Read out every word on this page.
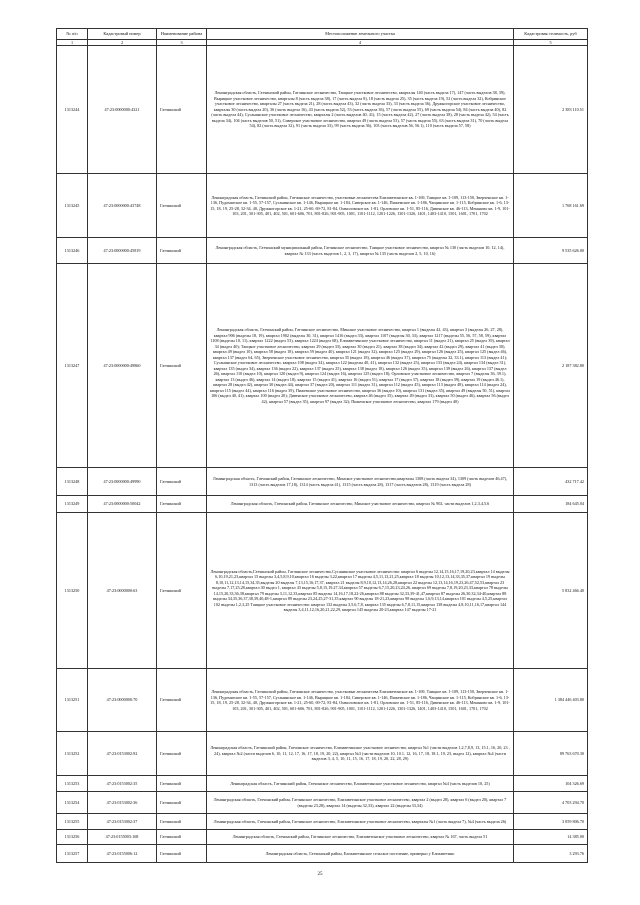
№ п/п	Кадастровый номер	Наименование района	Местоположение земельного участка	Кадастровая стоимость, руб
1	2	3	4	5
1313244	47:23:0000000:4321	Гатчинский	Ленинградская область, Гатчинский район, Гатчинское лесничество, Таицкое участковое лесничество, кварталы 140 (часть выдела 17), 147 (часть выделов 38, 39), Вырицкое участковое лесничество, кварталы 8 (часть выдела 38), 17 (часть выдела 8), 18 (часть выдела 25), 35 (часть выдела 19), 52 (часть выдела 32), Кобринское участковое лесничество, кварталы 27 (часть выдела 21), 28 (часть выдела 43), 32 (часть выдела 33), 33 (часть выдела 36), Дружногорское участковое лесничество, кварталы 30 (часть выдела 20), 36 (часть выдела 16), 43 (часть выдела 52), 53 (часть выдела 36), 57 (часть выдела 55), 69 (часть выдела 54), 84 (часть выдела 40), 82 (часть выдела 44), Сусанинское участковое лесничество, кварталы 2 (часть выделов 40, 41), 15 (часть выдела 42), 27 (часть выдела 38), 28 (часть выдела 42), 54 (часть выдела 34), 104 (часть выделов 50, 51), Сиверское участковое лесничество, квартал 49 (часть выдела 53), 57 (часть выдела 55), 63 (часть выдела 31), 70 (часть выдела 54), 82 (часть выдела 32), 91 (часть выдела 33), 99 (часть выдела 36), 103 (часть выделов 56, 56.1), 110 (часть выдела 57, 58)	2 383 110.51
1313245	47:23:0000000:43748	Гатчинский	Ленинградская область, Гатчинский район, Гатчинское лесничество, участковые лесничества Елизаветинское кв. 1-169, Таицкое кв. 1-109, 113-150, Зверченское кв. 1-136, Пудомягское кв. 1-55, 57-157, Сусанинское кв. 1-146, Вырицкое кв. 1-184, Сиверское кв. 1-146, Пижемское кв. 1-186, Чащинское кв. 1-115, Кобринское кв. 1-6, 13-15, 18, 19, 25-28, 32-34, 40, Дружногорское кв. 1-21, 25-60, 69-72, 81-84, Оммоловское кв. 1-81, Орловское кв. 1-51, 85-116, Дивенское кв. 46-113, Меньково кв. 1-9, 101-103, 201, 301-305, 401, 402, 501, 601-606, 701, 801-826, 901-905, 1001, 1101-1112, 1201-1226, 1301-1326, 1401, 1403-1410, 1501, 1601, 1701, 1702	1 768 161.69
1313246	47:23:0000000:45819	Гатчинский	Ленинградская область, Гатчинский муниципальный район, Гатчинское лесничество, Таицкое участковое лесничество, квартал № 130 (часть выделов 10, 12, 14), квартал № 133 (часть выделов 1, 2, 3, 17), квартал № 135 (часть выделов 2, 5, 10, 16)	9 535 626.00
1313247	47:23:0000000:49860	Гатчинский	Ленинградская область, Гатчинский район, Гатчинское лесничество, Минское участковое лесничество, квартал 1 (выделы 42, 43), квартал 3 (выделы 26, 27, 28), квартал 906 (выделы 18, 19), квартал 1902 (выделы 30, 31), квартал 1416 (выдел 33), квартал 1107 (выделы 30, 33), квартал 1217 (выделы 55, 56, 57, 58, 59), квартал 1108 (выделы 10, 11), квартал 1222 (выдел 53), квартал 1224 (выдел 68), Елизаветинское участковое лесничество, квартал 11 (выдел 21), квартал 25 (выдел 39), квартал 34 (выдел 40); Таицкое участковое лесничество, квартал 29 (выдел 33), квартал 30 (выдел 21), квартал 38 (выдел 34), квартал 42 (выдел 29), квартал 41 (выдел 30), квартал 49 (выдел 10), квартал 58 (выдел 18), квартал 59 (выдел 40), квартал 121 (выдел 32), квартал 125 (выдел 29), квартал 126 (выдел 25), квартал 125 (выдел 46), квартал 137 (выдел 64, 65), Зверченское участковое лесничество, квартал 35 (выдел 18), квартал 46 (выдел 37), квартал 75 (выделы 32, 33.1), квартал 113 (выдел 41); Сусанинское участковое лесничество, квартал 108 (выдел 34), квартал 122 (выделы 40, 41), квартал 132 (выдел 25), квартал 133 (выдел 24), квартал 134 (выдел 31), квартал 135 (выдел 34), квартал 136 (выдел 22), квартал 137 (выдел 25), квартал 138 (выдел 18), квартал 126 (выдел 35), квартал 139 (выдел 26), квартал 137 (выдел 26), квартал 110 (выдел 10), квартал 120 (выдел 9), квартал 124 (выдел 16), квартал 125 (выдел 18); Орловское участковое лесничество, квартал 7 (выделы 36, 39.1), квартал 13 (выдел 46), квартал 14 (выдел 18), квартал 15 (выдел 41), квартал 16 (выдел 51), квартал 17 (выдел 37), квартал 18 (выдел 39), квартал 19 (выдел 46.1), квартал 28 (выдел 42), квартал 30 (выдел 44), квартал 37 (выдел 20), квартал 111 (выдел 31), квартал 112 (выдел 45), квартал 113 (выдел 48), квартал 114 (выдел 24), квартал 115 (выдел 44), квартал 116 (выдел 39), Пижемское участковое лесничество, квартал 36 (выдел 10), квартал 131 (выдел 35), квартал 49 (выделы 50, 51), квартал 106 (выдел 40, 41), квартал 100 (выдел 20); Дивенское участковое лесничество, квартал 46 (выдел 35), квартал 49 (выдел 33), квартал 50 (выдел 46), квартал 56 (выдел 42), квартал 57 (выдел 35), квартал 97 (выдел 32); Пижемское участковое лесничество, квартал 179 (выдел 40)	2 187 382.80
1313248	47:23:0000000:49990	Гатчинский	Ленинградская область, Гатчинский район, Гатчинское лесничество, Минское участковое лесничество,кварталы 1308 (часть выдела 34), 1309 (часть выделов 46,47), 1313 (часть выделов 17,18), 1314 (часть выдела 41), 1315 (часть выдела 28), 1317 (часть выделов 28), 1319 (часть выдела 28)	432 717.42
1313249	47:23:0000000:50042	Гатчинский	Ленинградская область, Гатчинский район, Гатчинское лесничество, Минское участковое лесничество, квартал № 902, части выделов 1,2,3,4,5,6	184 645.04
1313250	47:23:0000000:63	Гатчинский	Ленинградская область,Гатчинский район, Гатчинское лесничество,Сусанинское участковое лесничество: квартал 6 выделы 12,14,15,16,17,19,20,23,квартал 14 выделы 6,10,19,21,23,квартал 15 выделы 3,4,5,8,9,10,квартал 16 выделы 3,22,квартал 17 выделы 4,5,11,13,21,25,квартал 18 выделы 10,12,13,14,33,35,37,квартал 19 выделы 8,10,11,12,13,14,15,34,35,выделы 20 выделы 7,13,15,16,17,37, квартал 21 выделы 8,9,10,12,13,14,26,28,квартал 22 выделы 12,13,14,16,19,23,26,47,52,53,квартал 23 выделы 7,17,25,28,квартал 30 выдел 1, квартал 43 выделы 5,8,15,19,27,34,квартал 57 выделы 6,7,15,20,23,24,26, квартал 69 выделы 7,8,19,20,23,33,квартал 78 выделы 14,15,20,33,36,38,квартал 79 выделы 3,11,12,33,квартал 85 выделы 14,16,17,18,22-26,квартал 88 выделы 32,33,39-41,47,квартал 87 выделы 26,30,32,34-40,квартал 88 выделы 34,35,36,37,38,39,40,48-1,квартал 89 выделы 23,24,25,27-31,35,квартал 90 выделы 18-21,23,квартал 98 выделы 1,6,9,13,14,квартал 101 выделы 4,5,25,квартал 102 выделы 1,2,3,25 Таицкое участковое лесничество: квартал 132 выделы 3,5,6,7,8, квартал 135 выделы 6,7,8,11,15,квартал 138 выделы 4,8,10,11,16,17,квартал 144 выделы 3,4,11,12,16,20,21,22,29, квартал 145 выделы 20-23,квартал 147 выделы 17-21	5 832 466.40
1313251	47:23:0000000:70	Гатчинский	Ленинградская область, Гатчинский район, Гатчинское лесничество, участковые лесничества Елизаветинское кв. 1-169, Таицкое кв. 1-109, 113-150, Зверченское кв. 1-136, Пудомягское кв. 1-55, 57-157, Сусанинское кв. 1-146, Вырицкое кв. 1-184, Сиверское кв. 1-146, Пижемское кв. 1-186, Чащинское кв. 1-115, Кобринское кв. 1-6, 13-15, 18, 19, 25-28, 32-34, 40, Дружногорское кв. 1-21, 25-60, 69-72, 81-84, Оммоловское кв. 1-81, Орловское кв. 1-51, 85-116, Дивенское кв. 46-113, Меньково кв. 1-9, 101-103, 201, 301-305, 401, 402, 501, 601-606, 701, 801-826, 901-905, 1001, 1101-1112, 1201-1226, 1301-1326, 1401, 1403-1410, 1501, 1601, 1701, 1702	1 384 446 403.80
1313252	47:23:0153002:92	Гатчинский	Ленинградская область, Гатчинский район, Гатчинское лесничество, Елизаветинское участковое лесничество, квартал №1 (части выделов 1,2,7,8,9, 13, 15.1, 16, 20, 23 , 24), квартал №2 (части выделов 6, 10, 11, 12, 17, 16, 17, 18, 19, 20, 22), квартал №3 (части выделов 10, 10.1, 12, 16, 17, 18, 18.1, 19, 23, выдел 12), квартал №4 (части выделов 3, 4, 5, 10, 11, 15, 16, 17, 18, 19, 20, 22, 28, 29)	89 763 670.30
1313253	47:23:0153002:35	Гатчинский	Ленинградская область, Гатчинский район, Гатчинское лесничество, Елизаветинское участковое лесничество, квартал №4 (часть выделов 10, 25)	104 326.69
1313254	47:23:0153002:36	Гатчинский	Ленинградская область, Гатчинский район, Гатчинское лесничество, Елизаветинское участковое лесничество, квартал 2 (выдел 28), квартал 6 (выдел 20), квартал 7 (выделы 23,28), квартал 14 (выделы 32,33), квартал 22 (выделы 33,34)	4 703 294.70
1313255	47:23:0153002:37	Гатчинский	Ленинградская область, Гатчинский район, Гатчинское лесничество, Елизаветинское участковое лесничество, кварталы №1 (часть выдела 7), №4 (часть выдела 26)	3 059 806.70
1313256	47:23:0155003:168	Гатчинский	Ленинградская область, Гатчинский район, Гатчинское лесничество, Елизаветинское участковое лесничество, квартал № 167, часть выдела 51	14 385.00
1313257	47:23:0155006:12	Гатчинский	Ленинградская область, Гатчинский район, Елизаветинское сельское поселение, примерно у Елизаветино	3 293.76
25
